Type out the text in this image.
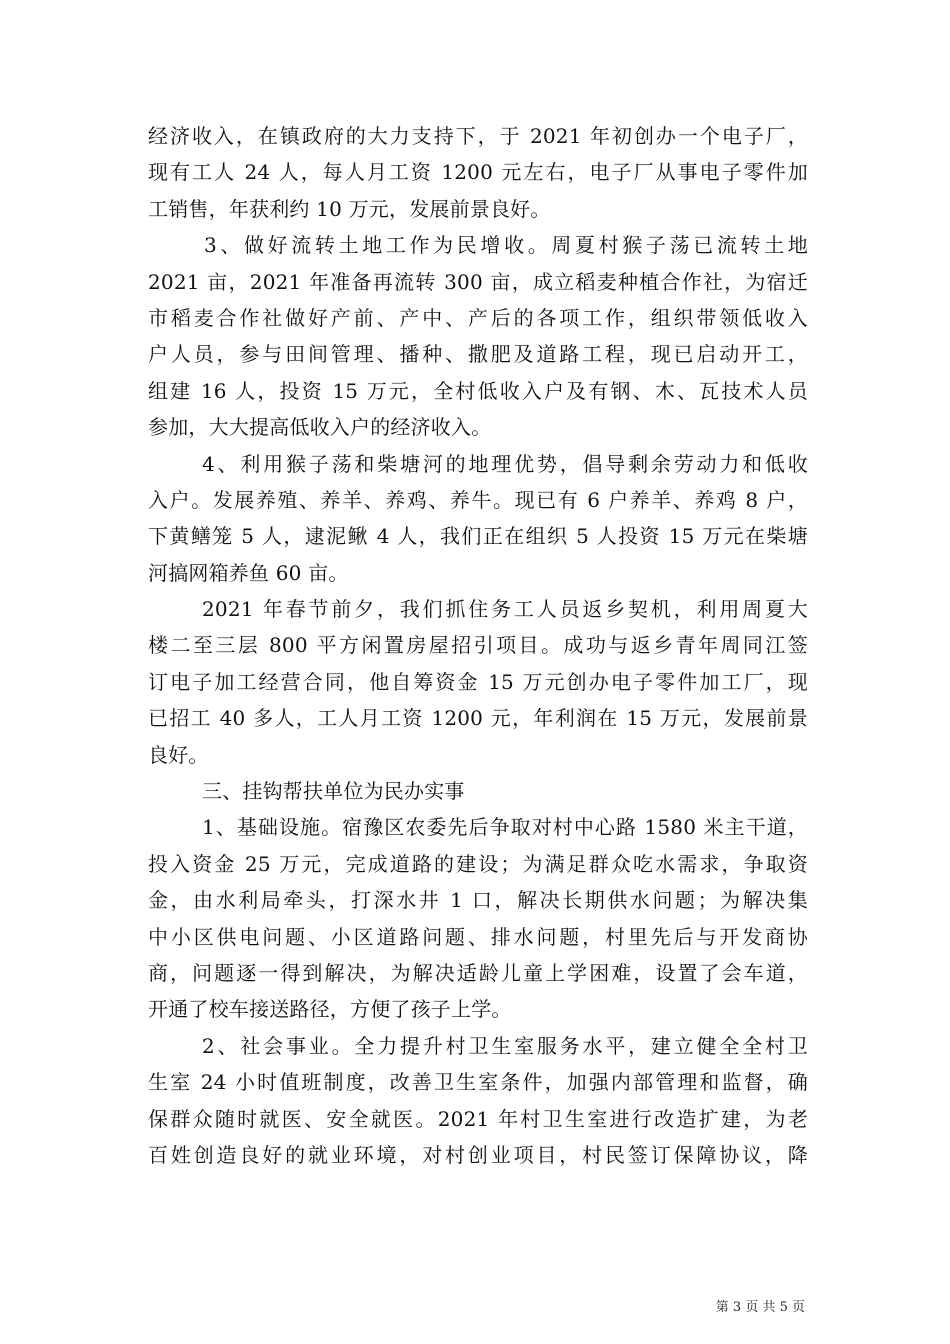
经济收入，在镇政府的大力支持下，于 2021 年初创办一个电子厂，
现有工人 24 人，每人月工资 1200 元左右，电子厂从事电子零件加
工销售，年获利约 10 万元，发展前景良好。
3、做好流转土地工作为民增收。周夏村猴子荡已流转土地
2021 亩，2021 年准备再流转 300 亩，成立稻麦种植合作社，为宿迁
市稻麦合作社做好产前、产中、产后的各项工作，组织带领低收入
户人员，参与田间管理、播种、撒肥及道路工程，现已启动开工，
组建 16 人，投资 15 万元，全村低收入户及有钢、木、瓦技术人员
参加，大大提高低收入户的经济收入。
4、利用猴子荡和柴塘河的地理优势，倡导剩余劳动力和低收
入户。发展养殖、养羊、养鸡、养牛。现已有 6 户养羊、养鸡 8 户，
下黄鳝笼 5 人，逮泥鳅 4 人，我们正在组织 5 人投资 15 万元在柴塘
河搞网箱养鱼 60 亩。
2021 年春节前夕，我们抓住务工人员返乡契机，利用周夏大
楼二至三层 800 平方闲置房屋招引项目。成功与返乡青年周同江签
订电子加工经营合同，他自筹资金 15 万元创办电子零件加工厂，现
已招工 40 多人，工人月工资 1200 元，年利润在 15 万元，发展前景
良好。
三、挂钩帮扶单位为民办实事
1、基础设施。宿豫区农委先后争取对村中心路 1580 米主干道，
投入资金 25 万元，完成道路的建设；为满足群众吃水需求，争取资
金，由水利局牵头，打深水井 1 口，解决长期供水问题；为解决集
中小区供电问题、小区道路问题、排水问题，村里先后与开发商协
商，问题逐一得到解决，为解决适龄儿童上学困难，设置了会车道，
开通了校车接送路径，方便了孩子上学。
2、社会事业。全力提升村卫生室服务水平，建立健全全村卫
生室 24 小时值班制度，改善卫生室条件，加强内部管理和监督，确
保群众随时就医、安全就医。2021 年村卫生室进行改造扩建，为老
百姓创造良好的就业环境，对村创业项目，村民签订保障协议，降
第 3 页 共 5 页
